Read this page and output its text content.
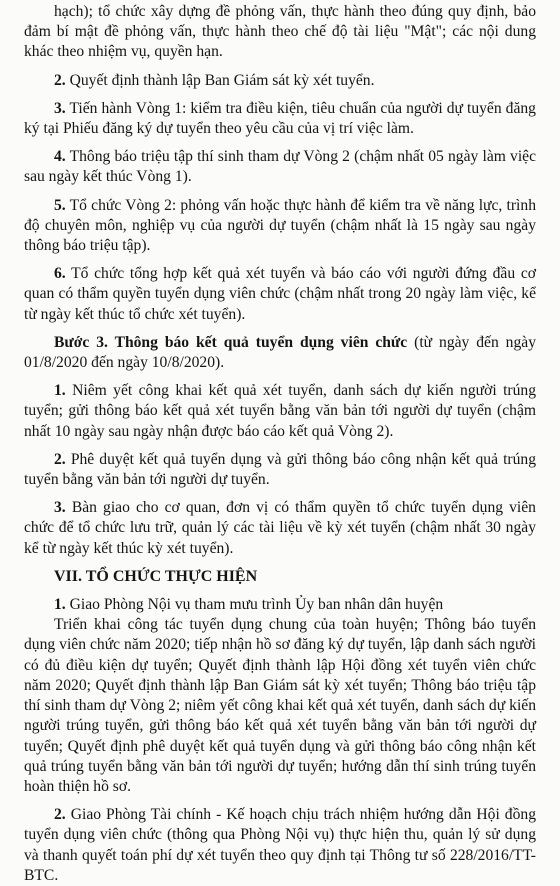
hạch); tổ chức xây dựng đề phỏng vấn, thực hành theo đúng quy định, bảo đảm bí mật đề phỏng vấn, thực hành theo chế độ tài liệu "Mật"; các nội dung khác theo nhiệm vụ, quyền hạn.

2. Quyết định thành lập Ban Giám sát kỳ xét tuyển.

3. Tiến hành Vòng 1: kiểm tra điều kiện, tiêu chuẩn của người dự tuyển đăng ký tại Phiếu đăng ký dự tuyển theo yêu cầu của vị trí việc làm.

4. Thông báo triệu tập thí sinh tham dự Vòng 2 (chậm nhất 05 ngày làm việc sau ngày kết thúc Vòng 1).

5. Tổ chức Vòng 2: phỏng vấn hoặc thực hành để kiểm tra về năng lực, trình độ chuyên môn, nghiệp vụ của người dự tuyển (chậm nhất là 15 ngày sau ngày thông báo triệu tập).

6. Tổ chức tổng hợp kết quả xét tuyển và báo cáo với người đứng đầu cơ quan có thẩm quyền tuyển dụng viên chức (chậm nhất trong 20 ngày làm việc, kể từ ngày kết thúc tổ chức xét tuyển).

Bước 3. Thông báo kết quả tuyển dụng viên chức (từ ngày đến ngày 01/8/2020 đến ngày 10/8/2020).

1. Niêm yết công khai kết quả xét tuyển, danh sách dự kiến người trúng tuyển; gửi thông báo kết quả xét tuyển bằng văn bản tới người dự tuyển (chậm nhất 10 ngày sau ngày nhận được báo cáo kết quả Vòng 2).

2. Phê duyệt kết quả tuyển dụng và gửi thông báo công nhận kết quả trúng tuyển bằng văn bản tới người dự tuyển.

3. Bàn giao cho cơ quan, đơn vị có thẩm quyền tổ chức tuyển dụng viên chức để tổ chức lưu trữ, quản lý các tài liệu về kỳ xét tuyển (chậm nhất 30 ngày kể từ ngày kết thúc kỳ xét tuyển).

VII. TỔ CHỨC THỰC HIỆN

1. Giao Phòng Nội vụ tham mưu trình Ủy ban nhân dân huyện

Triển khai công tác tuyển dụng chung của toàn huyện; Thông báo tuyển dụng viên chức năm 2020; tiếp nhận hồ sơ đăng ký dự tuyển, lập danh sách người có đủ điều kiện dự tuyển; Quyết định thành lập Hội đồng xét tuyển viên chức năm 2020; Quyết định thành lập Ban Giám sát kỳ xét tuyển; Thông báo triệu tập thí sinh tham dự Vòng 2; niêm yết công khai kết quả xét tuyển, danh sách dự kiến người trúng tuyển, gửi thông báo kết quả xét tuyển bằng văn bản tới người dự tuyển; Quyết định phê duyệt kết quả tuyển dụng và gửi thông báo công nhận kết quả trúng tuyển bằng văn bản tới người dự tuyển; hướng dẫn thí sinh trúng tuyển hoàn thiện hồ sơ.

2. Giao Phòng Tài chính - Kế hoạch chịu trách nhiệm hướng dẫn Hội đồng tuyển dụng viên chức (thông qua Phòng Nội vụ) thực hiện thu, quản lý sử dụng và thanh quyết toán phí dự xét tuyển theo quy định tại Thông tư số 228/2016/TT-BTC.
